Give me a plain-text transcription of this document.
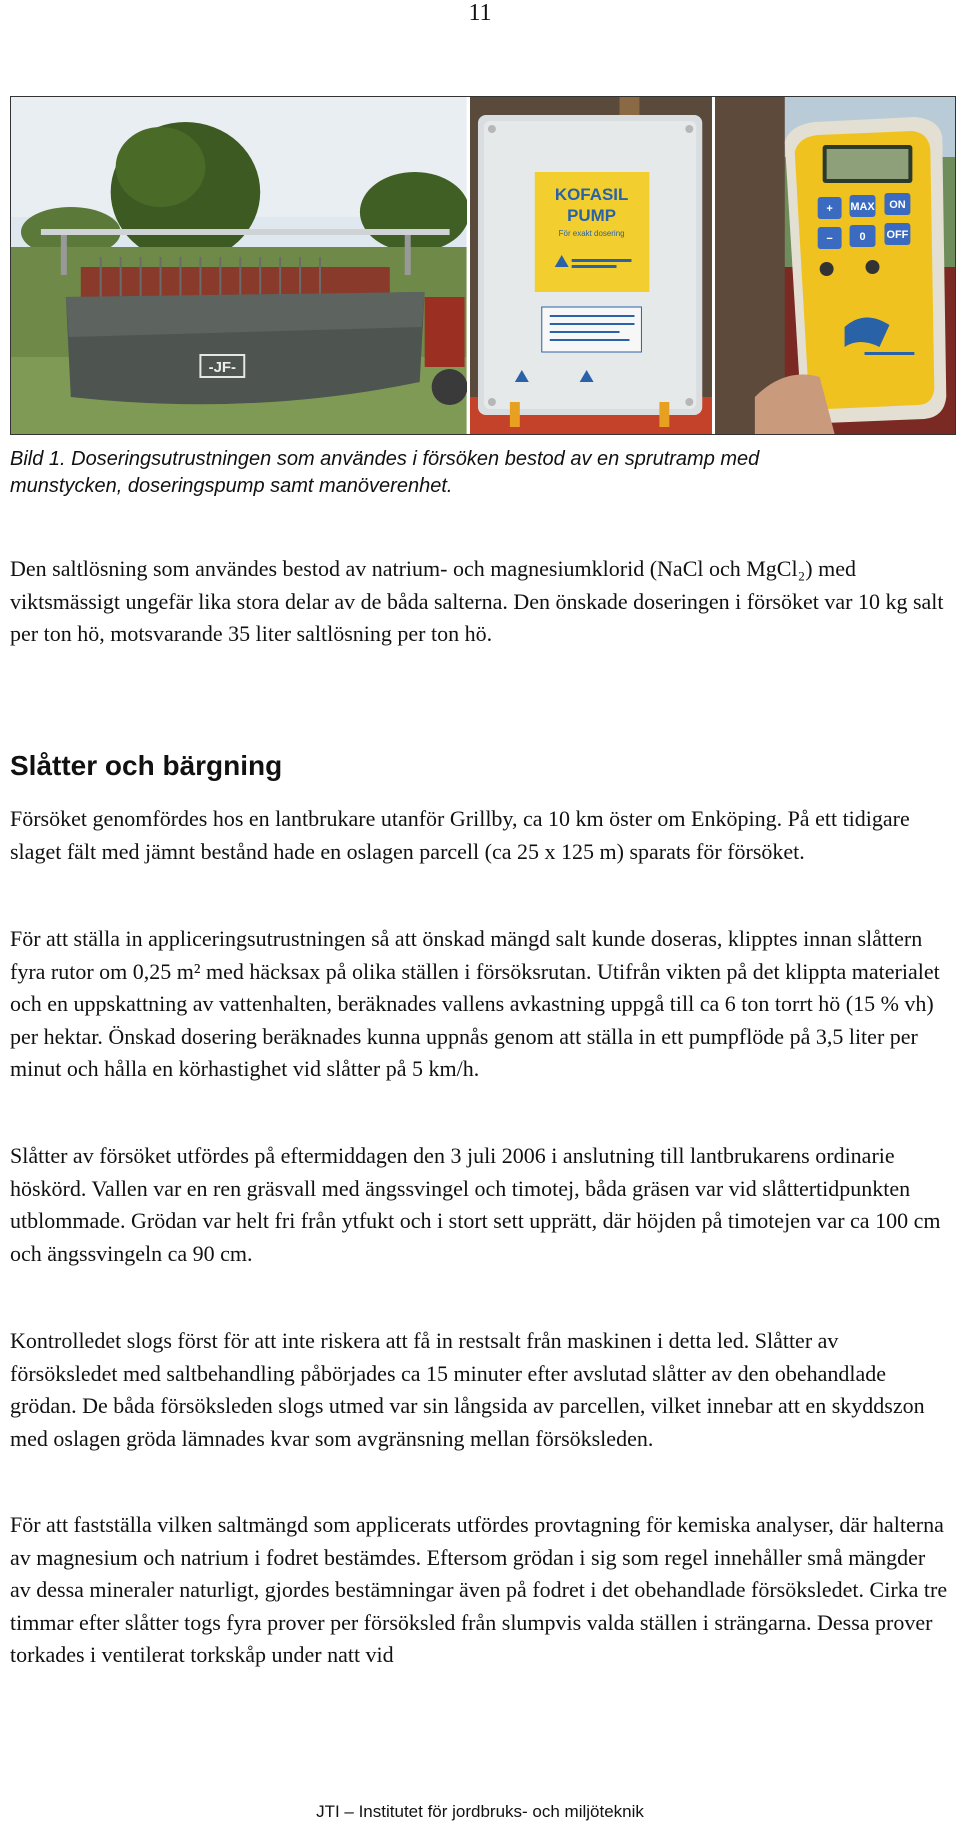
11
-JF-
KOFASIL
PUMP
För exakt dosering
+ MAX ON
− 0 OFF
Bild 1. Doseringsutrustningen som användes i försöken bestod av en sprutramp med
munstycken, doseringspump samt manöverenhet.

Den saltlösning som användes bestod av natrium- och magnesiumklorid (NaCl och MgCl₂) med viktsmässigt ungefär lika stora delar av de båda salterna. Den önskade doseringen i försöket var 10 kg salt per ton hö, motsvarande 35 liter saltlösning per ton hö.

Slåtter och bärgning

Försöket genomfördes hos en lantbrukare utanför Grillby, ca 10 km öster om Enköping. På ett tidigare slaget fält med jämnt bestånd hade en oslagen parcell (ca 25 x 125 m) sparats för försöket.

För att ställa in appliceringsutrustningen så att önskad mängd salt kunde doseras, klipptes innan slåttern fyra rutor om 0,25 m² med häcksax på olika ställen i försöksrutan. Utifrån vikten på det klippta materialet och en uppskattning av vattenhalten, beräknades vallens avkastning uppgå till ca 6 ton torrt hö (15 % vh) per hektar. Önskad dosering beräknades kunna uppnås genom att ställa in ett pumpflöde på 3,5 liter per minut och hålla en körhastighet vid slåtter på 5 km/h.

Slåtter av försöket utfördes på eftermiddagen den 3 juli 2006 i anslutning till lantbrukarens ordinarie höskörd. Vallen var en ren gräsvall med ängssvingel och timotej, båda gräsen var vid slåttertidpunkten utblommade. Grödan var helt fri från ytfukt och i stort sett upprätt, där höjden på timotejen var ca 100 cm och ängssvingeln ca 90 cm.

Kontrolledet slogs först för att inte riskera att få in restsalt från maskinen i detta led. Slåtter av försöksledet med saltbehandling påbörjades ca 15 minuter efter avslutad slåtter av den obehandlade grödan. De båda försöksleden slogs utmed var sin långsida av parcellen, vilket innebar att en skyddszon med oslagen gröda lämnades kvar som avgränsning mellan försöksleden.

För att fastställa vilken saltmängd som applicerats utfördes provtagning för kemiska analyser, där halterna av magnesium och natrium i fodret bestämdes. Eftersom grödan i sig som regel innehåller små mängder av dessa mineraler naturligt, gjordes bestämningar även på fodret i det obehandlade försöksledet. Cirka tre timmar efter slåtter togs fyra prover per försöksled från slumpvis valda ställen i strängarna. Dessa prover torkades i ventilerat torkskåp under natt vid

JTI – Institutet för jordbruks- och miljöteknik
